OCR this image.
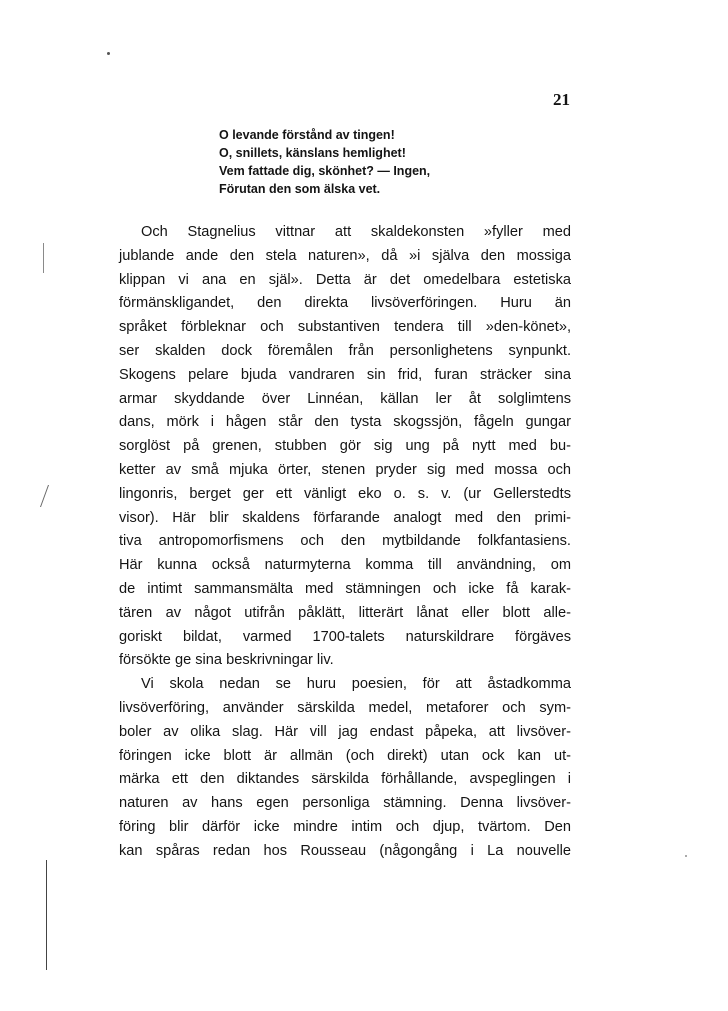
21
O levande förstånd av tingen!
O, snillets, känslans hemlighet!
Vem fattade dig, skönhet? — Ingen,
Förutan den som älska vet.

Och Stagnelius vittnar att skaldekonsten »fyller med
jublande ande den stela naturen», då »i själva den mossiga
klippan vi ana en själ». Detta är det omedelbara estetiska
förmänskligandet, den direkta livsöverföringen. Huru än
språket förbleknar och substantiven tendera till »den-könet»,
ser skalden dock föremålen från personlighetens synpunkt.
Skogens pelare bjuda vandraren sin frid, furan sträcker sina
armar skyddande över Linnéan, källan ler åt solglimtens
dans, mörk i hågen står den tysta skogssjön, fågeln gungar
sorglöst på grenen, stubben gör sig ung på nytt med bu-
ketter av små mjuka örter, stenen pryder sig med mossa och
lingonris, berget ger ett vänligt eko o. s. v. (ur Gellerstedts
visor). Här blir skaldens förfarande analogt med den primi-
tiva antropomorfismens och den mytbildande folkfantasiens.
Här kunna också naturmyterna komma till användning, om
de intimt sammansmälta med stämningen och icke få karak-
tären av något utifrån påklätt, litterärt lånat eller blott alle-
goriskt bildat, varmed 1700-talets naturskildrare förgäves
försökte ge sina beskrivningar liv.

Vi skola nedan se huru poesien, för att åstadkomma
livsöverföring, använder särskilda medel, metaforer och sym-
boler av olika slag. Här vill jag endast påpeka, att livsöver-
föringen icke blott är allmän (och direkt) utan ock kan ut-
märka ett den diktandes särskilda förhållande, avspeglingen i
naturen av hans egen personliga stämning. Denna livsöver-
föring blir därför icke mindre intim och djup, tvärtom. Den
kan spåras redan hos Rousseau (någongång i La nouvelle
